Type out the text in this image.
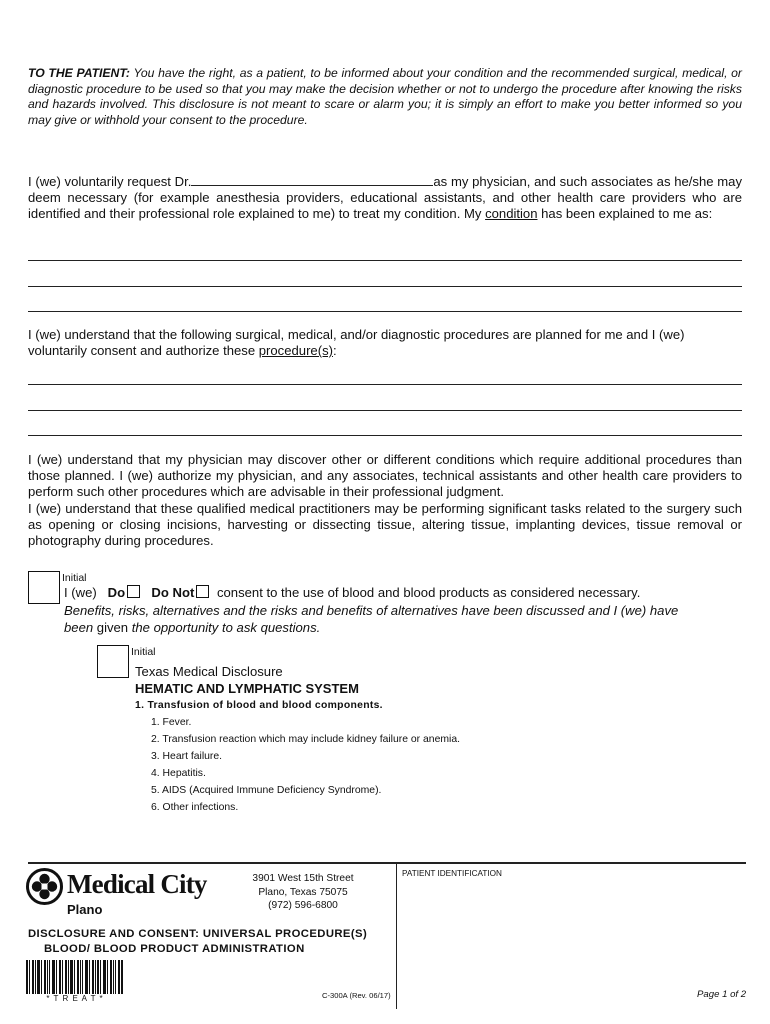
TO THE PATIENT: You have the right, as a patient, to be informed about your condition and the recommended surgical, medical, or diagnostic procedure to be used so that you may make the decision whether or not to undergo the procedure after knowing the risks and hazards involved. This disclosure is not meant to scare or alarm you; it is simply an effort to make you better informed so you may give or withhold your consent to the procedure.
I (we) voluntarily request Dr.	as my physician, and such associates as he/she may deem necessary (for example anesthesia providers, educational assistants, and other health care providers who are identified and their professional role explained to me) to treat my condition. My condition has been explained to me as:
I (we) understand that the following surgical, medical, and/or diagnostic procedures are planned for me and I (we) voluntarily consent and authorize these procedure(s):
I (we) understand that my physician may discover other or different conditions which require additional procedures than those planned. I (we) authorize my physician, and any associates, technical assistants and other health care providers to perform such other procedures which are advisable in their professional judgment.
I (we) understand that these qualified medical practitioners may be performing significant tasks related to the surgery such as opening or closing incisions, harvesting or dissecting tissue, altering tissue, implanting devices, tissue removal or photography during procedures.
Initial
I (we) Do Do Not consent to the use of blood and blood products as considered necessary.
Benefits, risks, alternatives and the risks and benefits of alternatives have been discussed and I (we) have
been given the opportunity to ask questions.
Initial
Texas Medical Disclosure
HEMATIC AND LYMPHATIC SYSTEM
1. Transfusion of blood and blood components.
1. Fever.
2. Transfusion reaction which may include kidney failure or anemia.
3. Heart failure.
4. Hepatitis.
5. AIDS (Acquired Immune Deficiency Syndrome).
6. Other infections.
Medical City
Plano
3901 West 15th Street
Plano, Texas 75075
(972) 596-6800
PATIENT IDENTIFICATION
DISCLOSURE AND CONSENT: UNIVERSAL PROCEDURE(S)
BLOOD/ BLOOD PRODUCT ADMINISTRATION
* T R E A T *	C-300A (Rev. 06/17)	Page 1 of 2
